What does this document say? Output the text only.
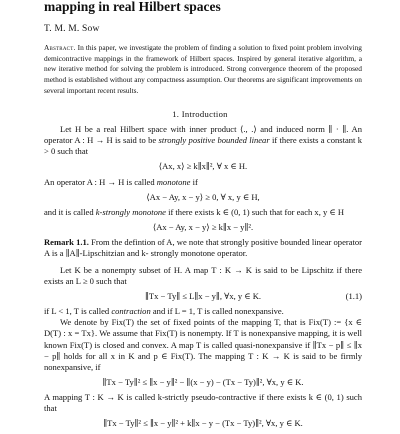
mapping in real Hilbert spaces
T. M. M. Sow

Abstract. In this paper, we investigate the problem of finding a solution to fixed point problem involving demicontractive mappings in the framework of Hilbert spaces. Inspired by general iterative algorithm, a new iterative method for solving the problem is introduced. Strong convergence theorem of the proposed method is established without any compactness assumption. Our theorems are significant improvements on several important recent results.

1. Introduction

Let H be a real Hilbert space with inner product ⟨., .⟩ and induced norm ∥ · ∥. An operator A : H → H is said to be strongly positive bounded linear if there exists a constant k > 0 such that

⟨Ax, x⟩ ≥ k∥x∥², ∀ x ∈ H.

An operator A : H → H is called monotone if

⟨Ax − Ay, x − y⟩ ≥ 0, ∀ x, y ∈ H,

and it is called k-strongly monotone if there exists k ∈ (0, 1) such that for each x, y ∈ H

⟨Ax − Ay, x − y⟩ ≥ k∥x − y∥².

Remark 1.1. From the defintion of A, we note that strongly positive bounded linear operator A is a ∥A∥-Lipschitzian and k- strongly monotone operator.

Let K be a nonempty subset of H. A map T : K → K is said to be Lipschitz if there exists an L ≥ 0 such that

∥Tx − Ty∥ ≤ L∥x − y∥, ∀x, y ∈ K.	(1.1)

if L < 1, T is called contraction and if L = 1, T is called nonexpansive.

We denote by Fix(T) the set of fixed points of the mapping T, that is Fix(T) := {x ∈ D(T) : x = Tx}. We assume that Fix(T) is nonempty. If T is nonexpansive mapping, it is well known Fix(T) is closed and convex. A map T is called quasi-nonexpansive if ∥Tx − p∥ ≤ ∥x − p∥ holds for all x in K and p ∈ Fix(T). The mapping T : K → K is said to be firmly nonexpansive, if

∥Tx − Ty∥² ≤ ∥x − y∥² − ∥(x − y) − (Tx − Ty)∥², ∀x, y ∈ K.

A mapping T : K → K is called k-strictly pseudo-contractive if there exists k ∈ (0, 1) such that

∥Tx − Ty∥² ≤ ∥x − y∥² + k∥x − y − (Tx − Ty)∥², ∀x, y ∈ K.
